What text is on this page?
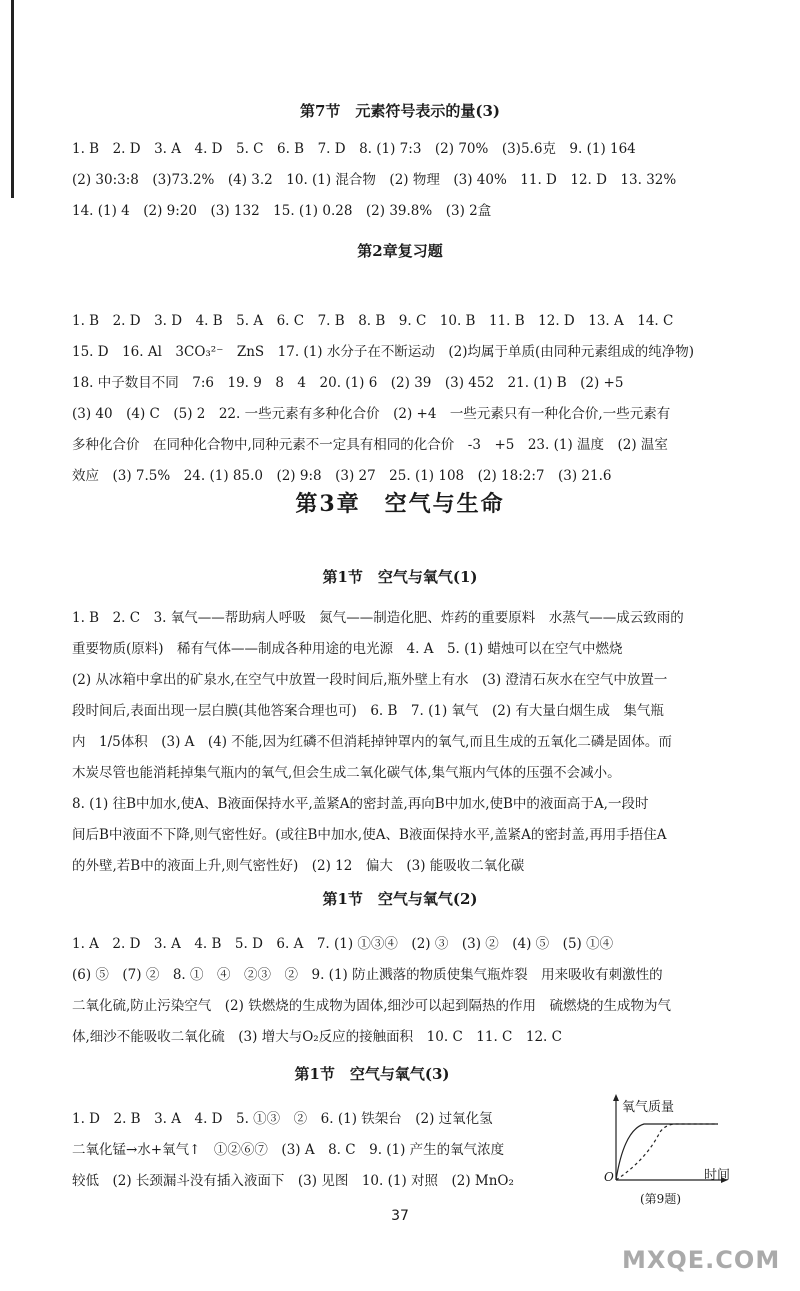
第7节　元素符号表示的量(3)
1. B　2. D　3. A　4. D　5. C　6. B　7. D　8. (1) 7:3　(2) 70%　(3)5.6克　9. (1) 164
(2) 30:3:8　(3)73.2%　(4) 3.2　10. (1) 混合物　(2) 物理　(3) 40%　11. D　12. D　13. 32%
14. (1) 4　(2) 9:20　(3) 132　15. (1) 0.28　(2) 39.8%　(3) 2盒
第2章复习题
1. B　2. D　3. D　4. B　5. A　6. C　7. B　8. B　9. C　10. B　11. B　12. D　13. A　14. C
15. D　16. Al　3CO₃²⁻　ZnS　17. (1) 水分子在不断运动　(2)均属于单质(由同种元素组成的纯净物)
18. 中子数目不同　7:6　19. 9　8　4　20. (1) 6　(2) 39　(3) 452　21. (1) B　(2) +5
(3) 40　(4) C　(5) 2　22. 一些元素有多种化合价　(2) +4　一些元素只有一种化合价,一些元素有
多种化合价　在同种化合物中,同种元素不一定具有相同的化合价　-3　+5　23. (1) 温度　(2) 温室
效应　(3) 7.5%　24. (1) 85.0　(2) 9:8　(3) 27　25. (1) 108　(2) 18:2:7　(3) 21.6
第3章　空气与生命
第1节　空气与氧气(1)
1. B　2. C　3. 氧气——帮助病人呼吸　氮气——制造化肥、炸药的重要原料　水蒸气——成云致雨的
重要物质(原料)　稀有气体——制成各种用途的电光源　4. A　5. (1) 蜡烛可以在空气中燃烧
(2) 从冰箱中拿出的矿泉水,在空气中放置一段时间后,瓶外壁上有水　(3) 澄清石灰水在空气中放置一
段时间后,表面出现一层白膜(其他答案合理也可)　6. B　7. (1) 氧气　(2) 有大量白烟生成　集气瓶
内　1/5体积　(3) A　(4) 不能,因为红磷不但消耗掉钟罩内的氧气,而且生成的五氧化二磷是固体。而
木炭尽管也能消耗掉集气瓶内的氧气,但会生成二氧化碳气体,集气瓶内气体的压强不会减小。
8. (1) 往B中加水,使A、B液面保持水平,盖紧A的密封盖,再向B中加水,使B中的液面高于A,一段时
间后B中液面不下降,则气密性好。(或往B中加水,使A、B液面保持水平,盖紧A的密封盖,再用手捂住A
的外壁,若B中的液面上升,则气密性好)　(2) 12　偏大　(3) 能吸收二氧化碳
第1节　空气与氧气(2)
1. A　2. D　3. A　4. B　5. D　6. A　7. (1) ①③④　(2) ③　(3) ②　(4) ⑤　(5) ①④
(6) ⑤　(7) ②　8. ①　④　②③　②　9. (1) 防止溅落的物质使集气瓶炸裂　用来吸收有刺激性的
二氧化硫,防止污染空气　(2) 铁燃烧的生成物为固体,细沙可以起到隔热的作用　硫燃烧的生成物为气
体,细沙不能吸收二氧化硫　(3) 增大与O₂反应的接触面积　10. C　11. C　12. C
第1节　空气与氧气(3)
1. D　2. B　3. A　4. D　5. ①③　②　6. (1) 铁架台　(2) 过氧化氢
二氧化锰→水+氧气↑　①②⑥⑦　(3) A　8. C　9. (1) 产生的氧气浓度
较低　(2) 长颈漏斗没有插入液面下　(3) 见图　10. (1) 对照　(2) MnO₂
氧气质量
时间
O
(第9题)
37
MXQE.COM
